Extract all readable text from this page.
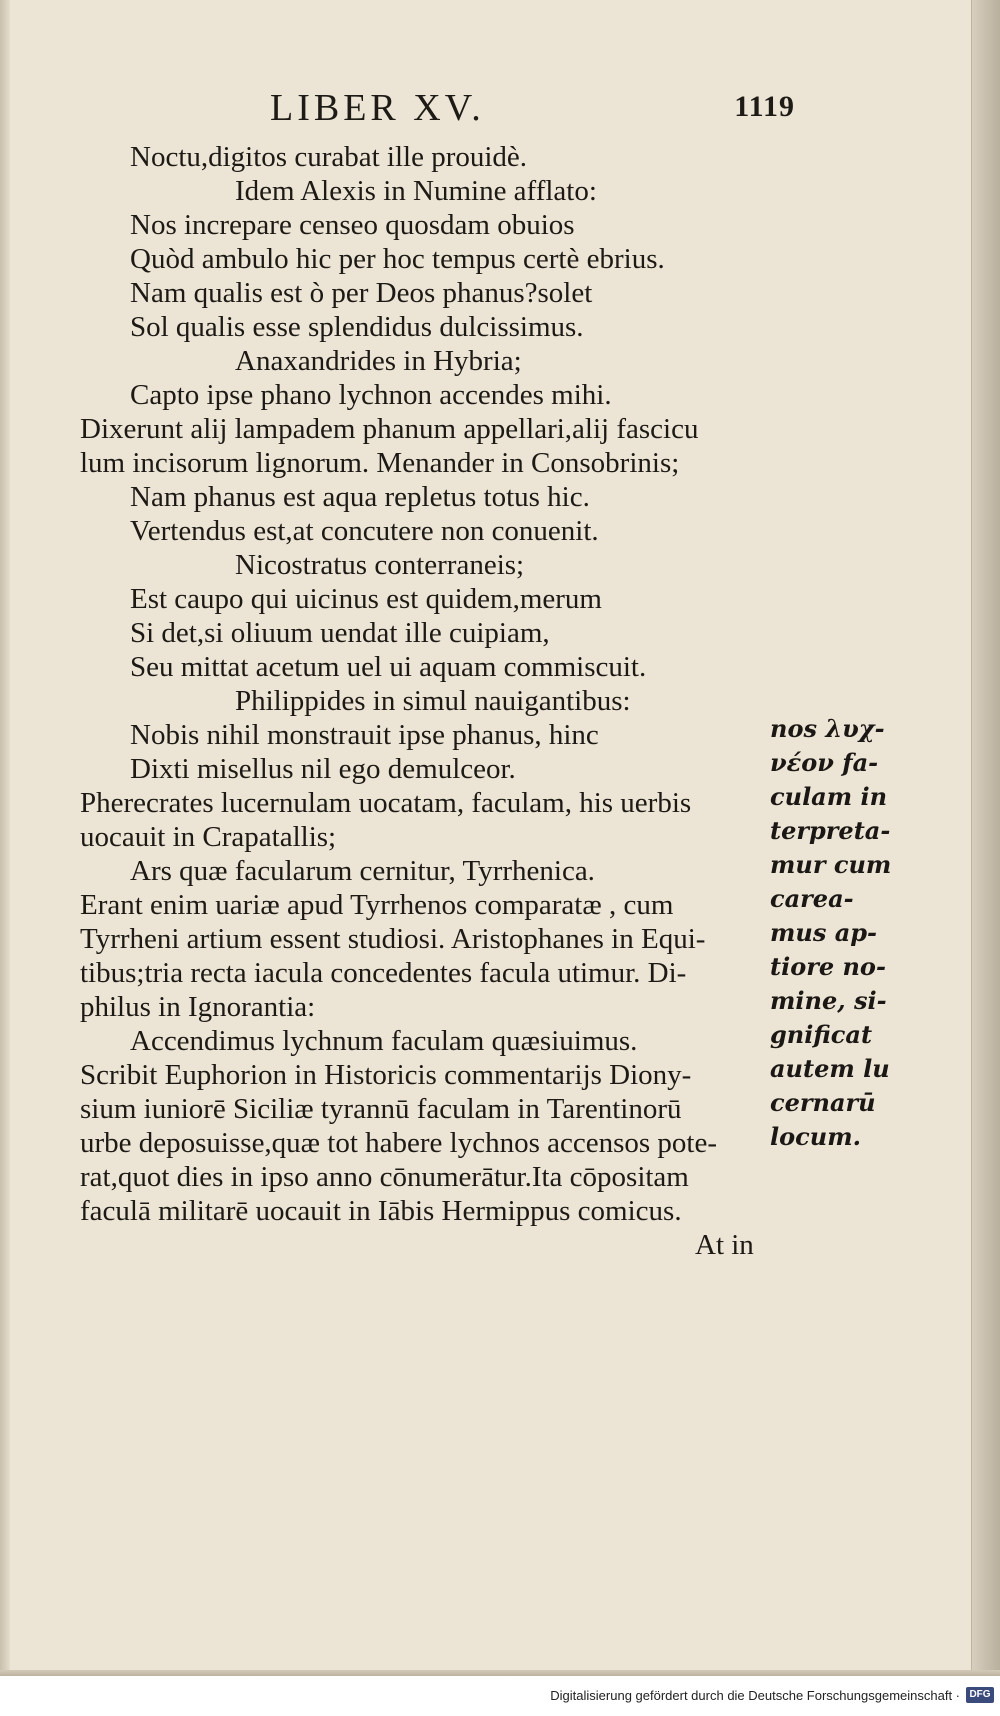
LIBER XV.	1119
Noctu,digitos curabat ille prouidè.
Idem Alexis in Numine afflato:
Nos increpare censeo quosdam obuios
Quòd ambulo hic per hoc tempus certè ebrius.
Nam qualis est ò per Deos phanus?solet
Sol qualis esse splendidus dulcissimus.
Anaxandrides in Hybria;
Capto ipse phano lychnon accendes mihi.
Dixerunt alij lampadem phanum appellari,alij fascicu
lum incisorum lignorum. Menander in Consobrinis;
Nam phanus est aqua repletus totus hic.
Vertendus est,at concutere non conuenit.
Nicostratus conterraneis;
Est caupo qui uicinus est quidem,merum
Si det,si oliuum uendat ille cuipiam,
Seu mittat acetum uel ui aquam commiscuit.
Philippides in simul nauigantibus:
Nobis nihil monstrauit ipse phanus, hinc
Dixti misellus nil ego demulceor.
Pherecrates lucernulam uocatam, faculam, his uerbis
uocauit in Crapatallis;
Ars quæ facularum cernitur, Tyrrhenica.
Erant enim uariæ apud Tyrrhenos comparatæ , cum
Tyrrheni artium essent studiosi. Aristophanes in Equi-
tibus;tria recta iacula concedentes facula utimur. Di-
philus in Ignorantia:
Accendimus lychnum faculam quæsiuimus.
Scribit Euphorion in Historicis commentarijs Diony-
sium iuniorē Siciliæ tyrannū faculam in Tarentinorū
urbe deposuisse,quæ tot habere lychnos accensos pote-
rat,quot dies in ipso anno cōnumerātur.Ita cōpositam
faculā militarē uocauit in Iābis Hermippus comicus.
At in
nos λυχ-
νέον fa-
culam in
terpreta-
mur cum
carea-
mus ap-
tiore no-
mine, si-
gnificat
autem lu
cernarū
locum.
Digitalisierung gefördert durch die Deutsche Forschungsgemeinschaft · DFG
